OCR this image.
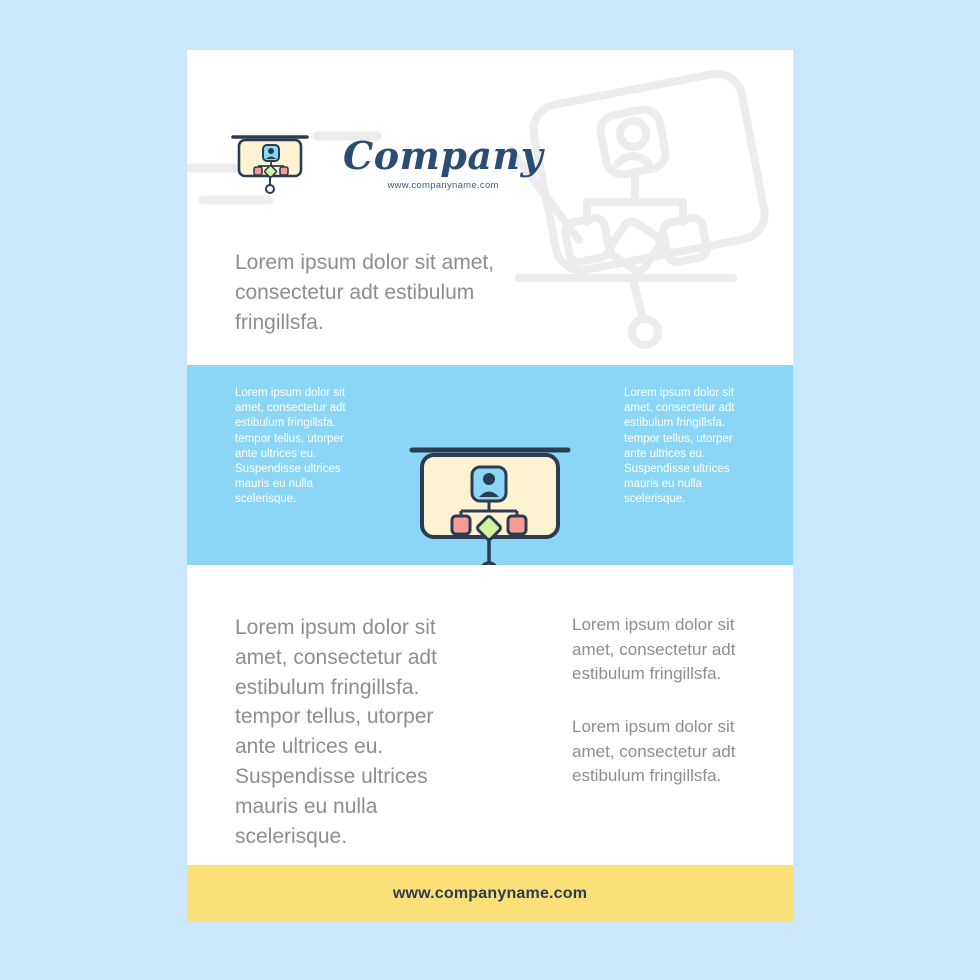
Company
www.companyname.com
Lorem ipsum dolor sit amet, consectetur adt estibulum fringillsfa.
Lorem ipsum dolor sit amet, consectetur adt estibulum fringillsfa. tempor tellus, utorper ante ultrices eu. Suspendisse ultrices mauris eu nulla scelerisque.
Lorem ipsum dolor sit amet, consectetur adt estibulum fringillsfa. tempor tellus, utorper ante ultrices eu. Suspendisse ultrices mauris eu nulla scelerisque.
Lorem ipsum dolor sit amet, consectetur adt estibulum fringillsfa. tempor tellus, utorper ante ultrices eu. Suspendisse ultrices mauris eu nulla scelerisque.

Lorem ipsum dolor sit amet, consectetur adt estibulum fringillsfa.

Lorem ipsum dolor sit amet, consectetur adt estibulum fringillsfa.

www.companyname.com
